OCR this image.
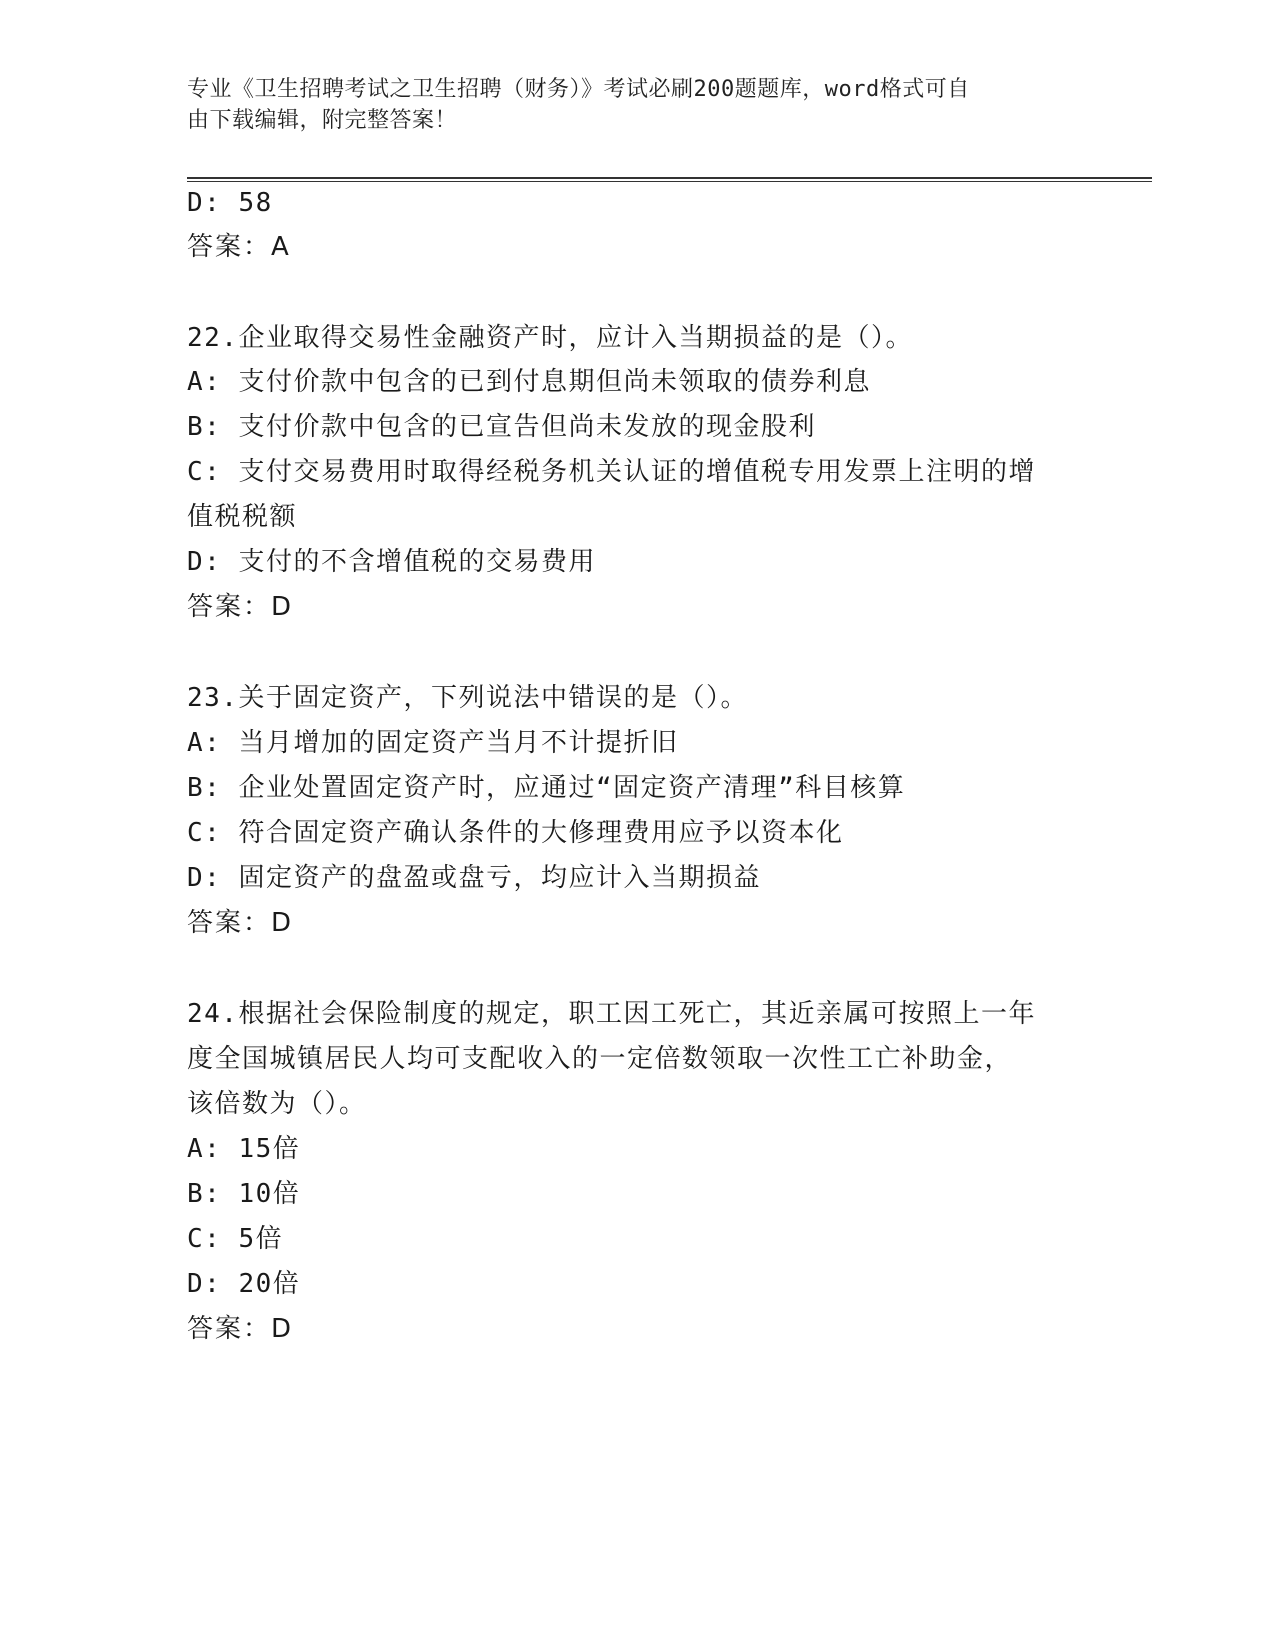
专业《卫生招聘考试之卫生招聘（财务）》考试必刷200题题库，word格式可自
由下载编辑，附完整答案！
D: 58
答案：A
22.企业取得交易性金融资产时，应计入当期损益的是（）。
A: 支付价款中包含的已到付息期但尚未领取的债券利息
B: 支付价款中包含的已宣告但尚未发放的现金股利
C: 支付交易费用时取得经税务机关认证的增值税专用发票上注明的增
值税税额
D: 支付的不含增值税的交易费用
答案：D
23.关于固定资产，下列说法中错误的是（）。
A: 当月增加的固定资产当月不计提折旧
B: 企业处置固定资产时，应通过“固定资产清理”科目核算
C: 符合固定资产确认条件的大修理费用应予以资本化
D: 固定资产的盘盈或盘亏，均应计入当期损益
答案：D
24.根据社会保险制度的规定，职工因工死亡，其近亲属可按照上一年
度全国城镇居民人均可支配收入的一定倍数领取一次性工亡补助金，
该倍数为（）。
A: 15倍
B: 10倍
C: 5倍
D: 20倍
答案：D
